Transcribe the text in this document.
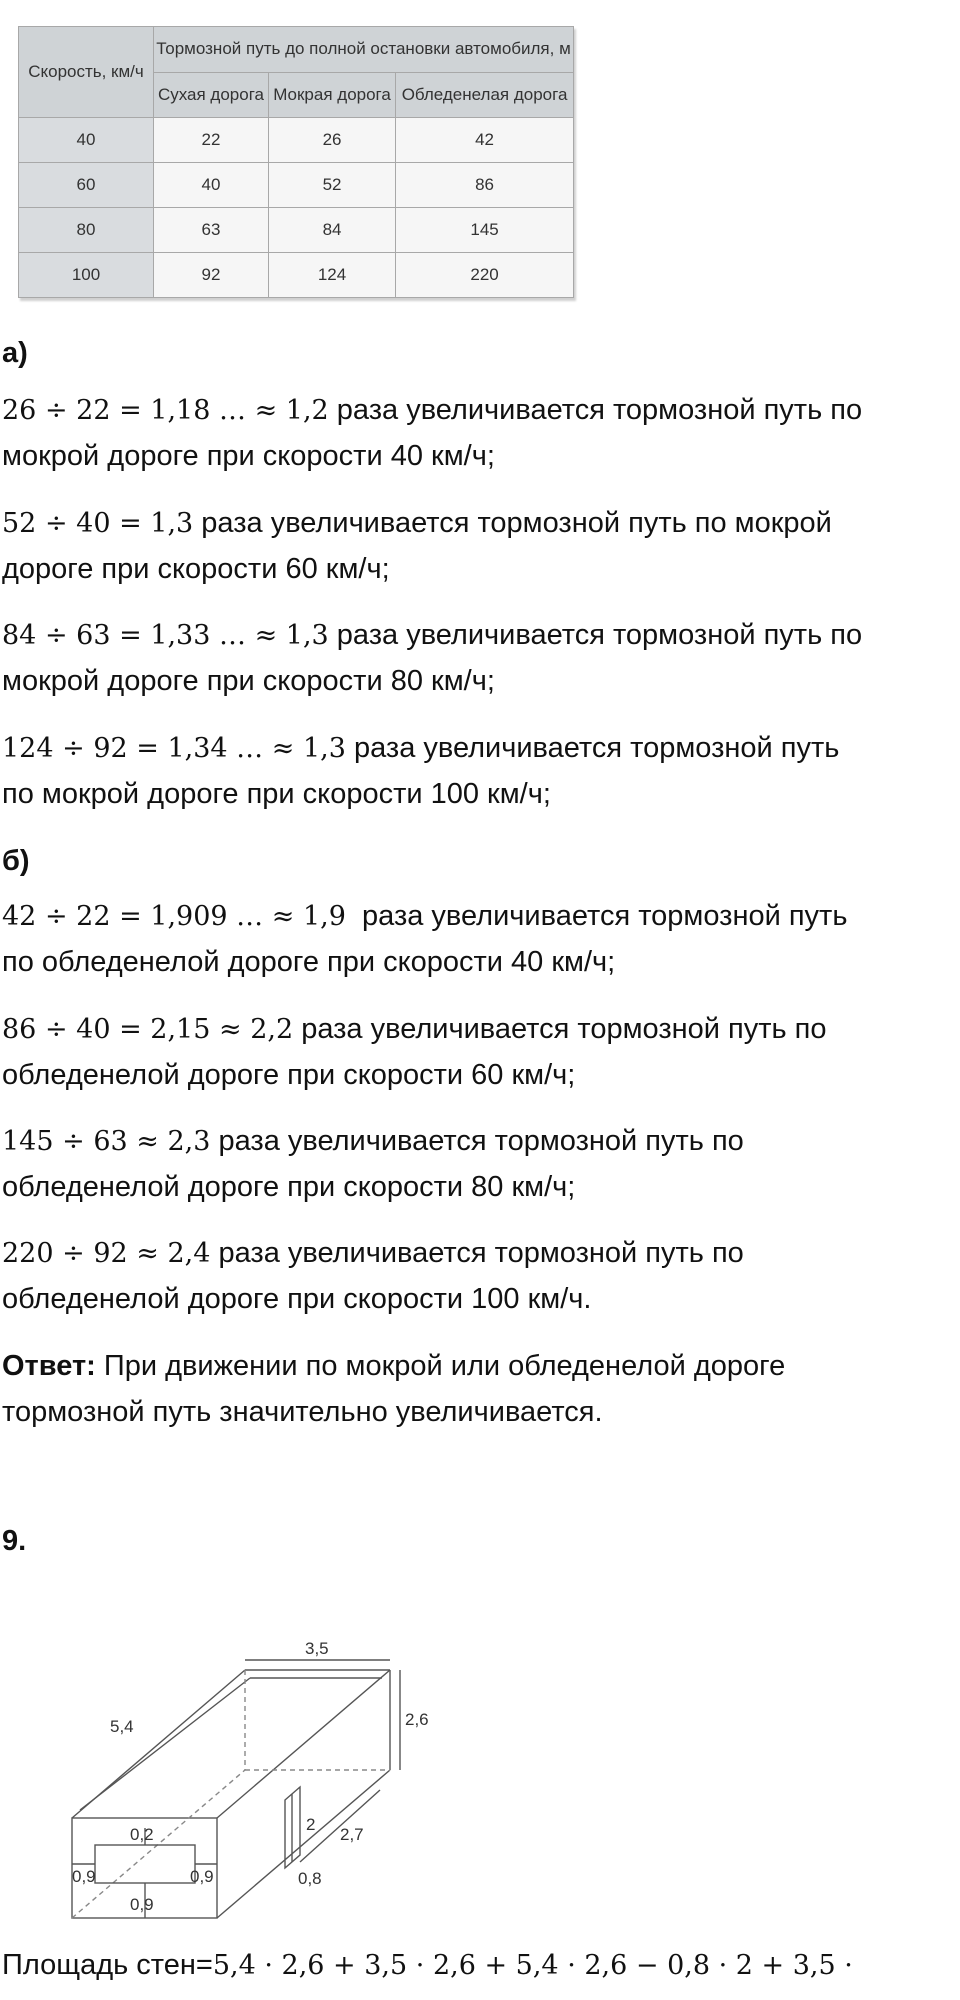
Скорость, км/ч	Тормозной путь до полной остановки автомобиля, м		
	Сухая дорога	Мокрая дорога	Обледенелая дорога
40	22	26	42
60	40	52	86
80	63	84	145
100	92	124	220
а)
26 ÷ 22 = 1,18 … ≈ 1,2 раза увеличивается тормозной путь по
мокрой дороге при скорости 40 км/ч;
52 ÷ 40 = 1,3 раза увеличивается тормозной путь по мокрой
дороге при скорости 60 км/ч;
84 ÷ 63 = 1,33 … ≈ 1,3 раза увеличивается тормозной путь по
мокрой дороге при скорости 80 км/ч;
124 ÷ 92 = 1,34 … ≈ 1,3 раза увеличивается тормозной путь
по мокрой дороге при скорости 100 км/ч;
б)
42 ÷ 22 = 1,909 … ≈ 1,9  раза увеличивается тормозной путь
по обледенелой дороге при скорости 40 км/ч;
86 ÷ 40 = 2,15 ≈ 2,2 раза увеличивается тормозной путь по
обледенелой дороге при скорости 60 км/ч;
145 ÷ 63 ≈ 2,3 раза увеличивается тормозной путь по
обледенелой дороге при скорости 80 км/ч;
220 ÷ 92 ≈ 2,4 раза увеличивается тормозной путь по
обледенелой дороге при скорости 100 км/ч.
Ответ: При движении по мокрой или обледенелой дороге
тормозной путь значительно увеличивается.
9.
3,5
5,4	2,6
2
2,7
0,8
0,2
0,9	0,9
0,9
Площадь стен=5,4 · 2,6 + 3,5 · 2,6 + 5,4 · 2,6 − 0,8 · 2 + 3,5 ·
